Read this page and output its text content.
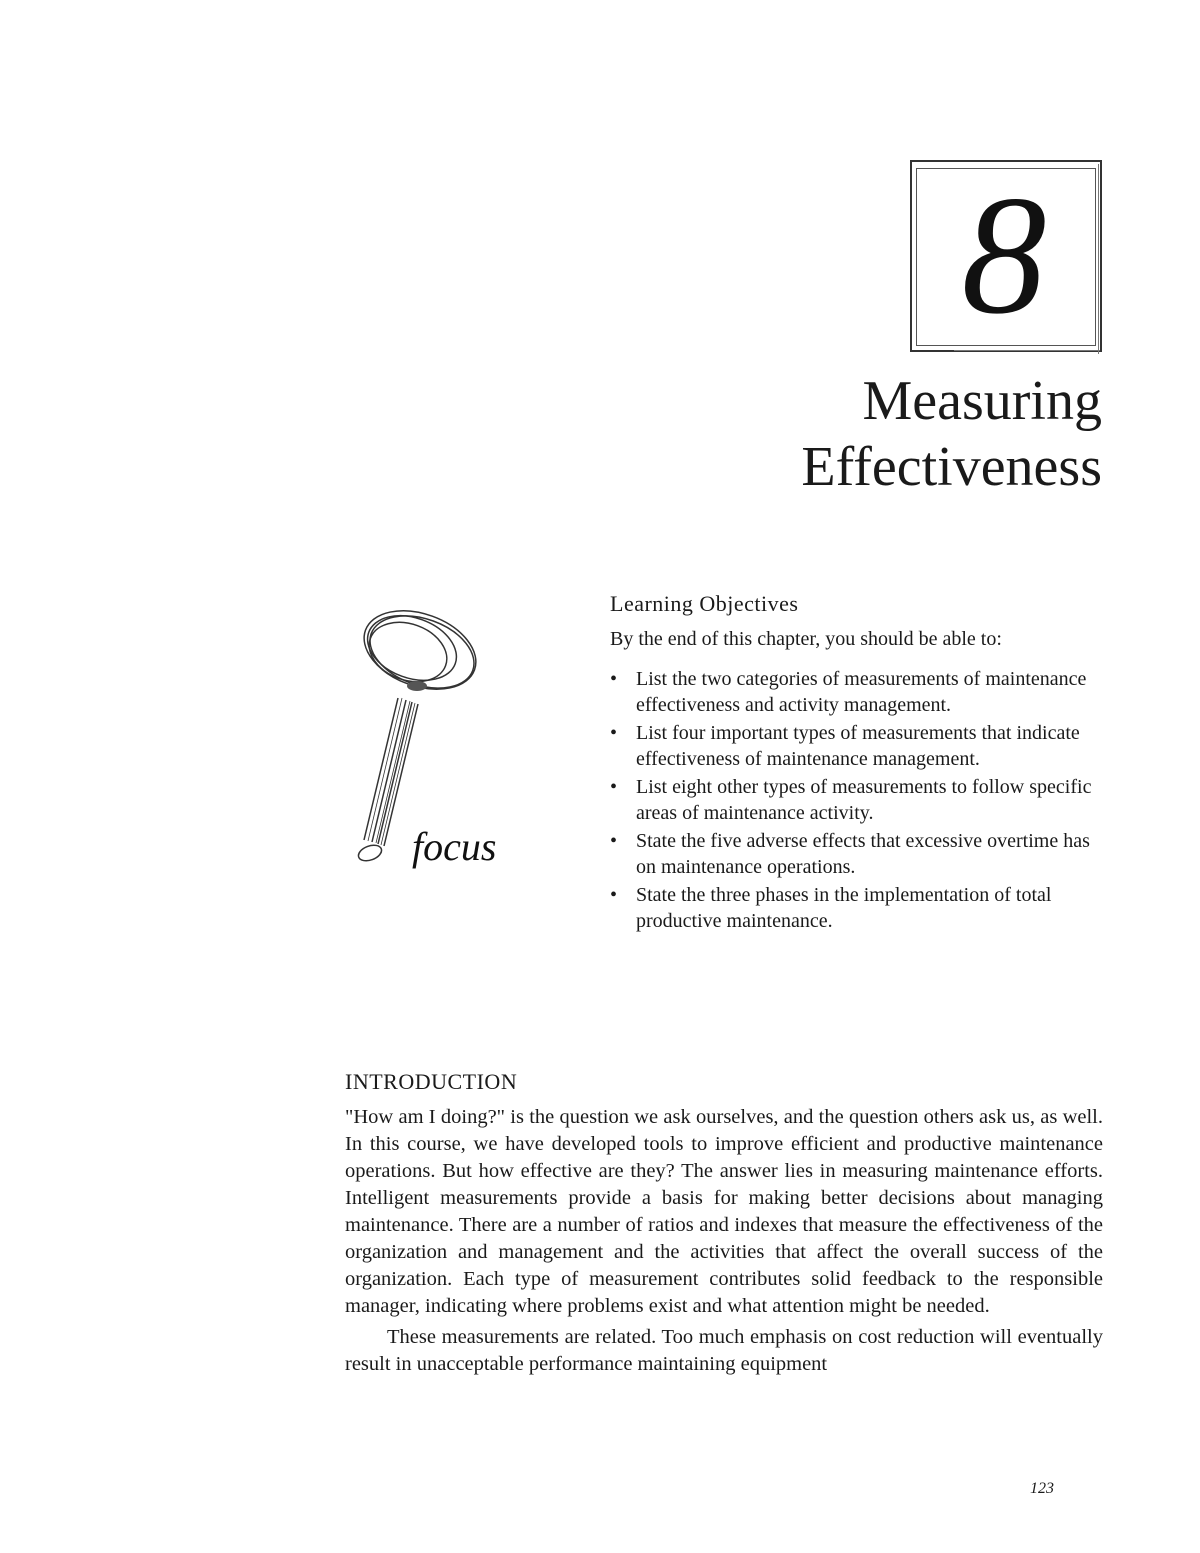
8
Measuring
Effectiveness
focus
Learning Objectives

By the end of this chapter, you should be able to:

• List the two categories of measurements of maintenance effectiveness and activity management.
• List four important types of measurements that indicate effectiveness of maintenance management.
• List eight other types of measurements to follow specific areas of maintenance activity.
• State the five adverse effects that excessive overtime has on maintenance operations.
• State the three phases in the implementation of total productive maintenance.
INTRODUCTION

"How am I doing?" is the question we ask ourselves, and the question others ask us, as well. In this course, we have developed tools to improve efficient and productive maintenance operations. But how effective are they? The answer lies in measuring maintenance efforts. Intelligent measurements provide a basis for making better decisions about managing maintenance. There are a number of ratios and indexes that measure the effectiveness of the organization and management and the activities that affect the overall success of the organization. Each type of measurement contributes solid feedback to the responsible manager, indicating where problems exist and what attention might be needed.

These measurements are related. Too much emphasis on cost reduction will eventually result in unacceptable performance maintaining equipment

123
